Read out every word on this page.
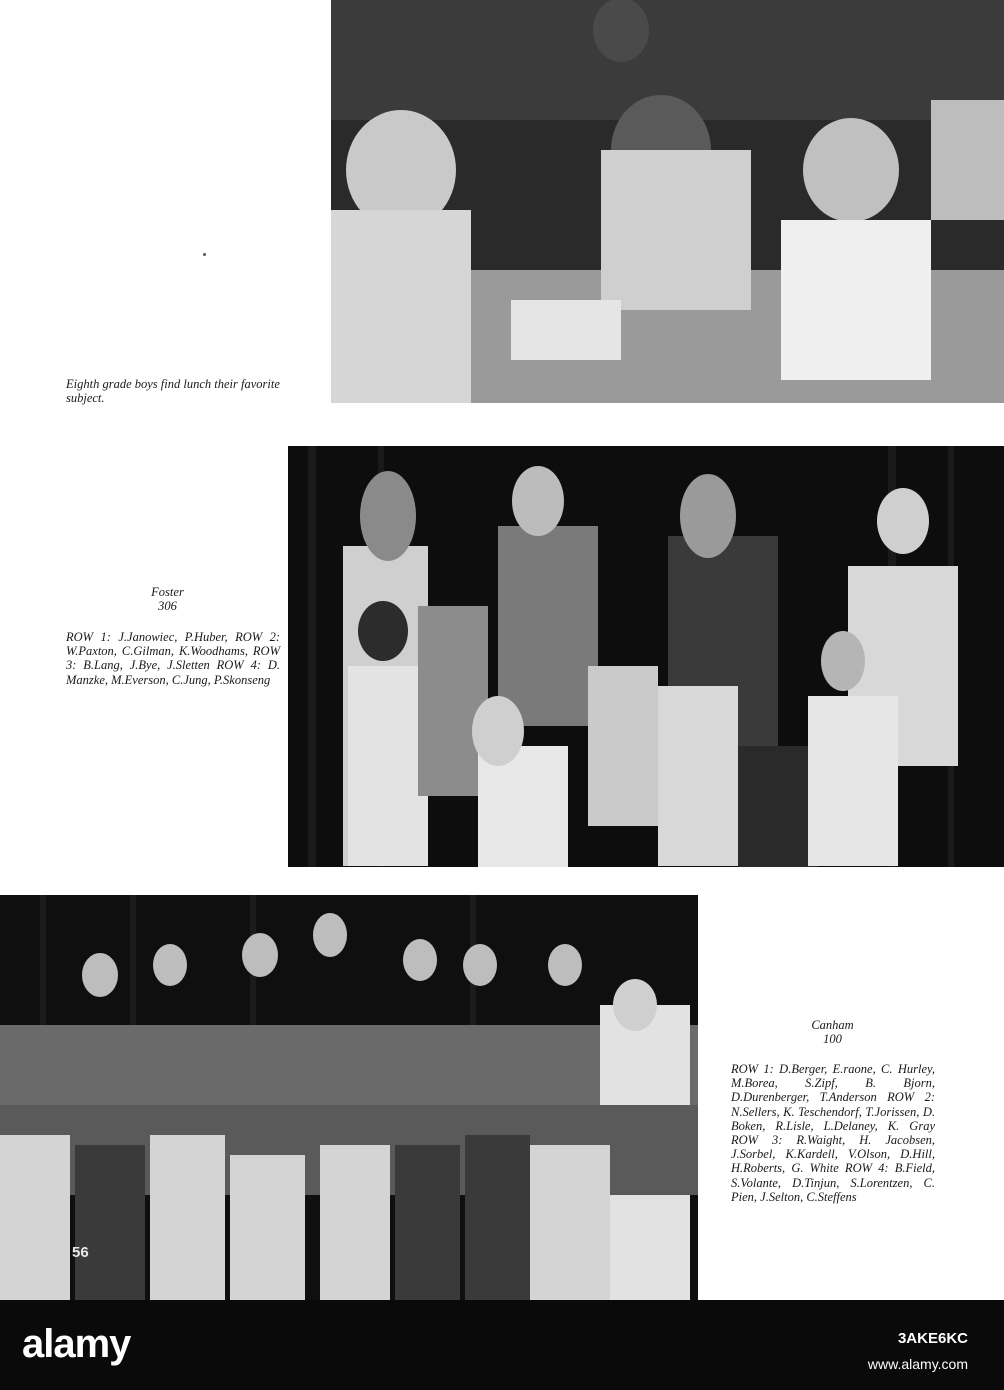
Eighth grade boys find lunch their favorite subject.
Foster
306
ROW 1: J.Janowiec, P.Huber, ROW 2: W.Paxton, C.Gilman, K.Woodhams, ROW 3: B.Lang, J.Bye, J.Sletten ROW 4: D. Manzke, M.Everson, C.Jung, P.Skonseng
56
Canham
100
ROW 1: D.Berger, E.raone, C. Hurley, M.Borea, S.Zipf, B. Bjorn, D.Durenberger, T.Anderson ROW 2: N.Sellers, K. Teschendorf, T.Jorissen, D. Boken, R.Lisle, L.Delaney, K. Gray ROW 3: R.Waight, H. Jacobsen, J.Sorbel, K.Kardell, V.Olson, D.Hill, H.Roberts, G. White ROW 4: B.Field, S.Volante, D.Tinjun, S.Lorentzen, C. Pien, J.Selton, C.Steffens
alamy	3AKE6KC
www.alamy.com
